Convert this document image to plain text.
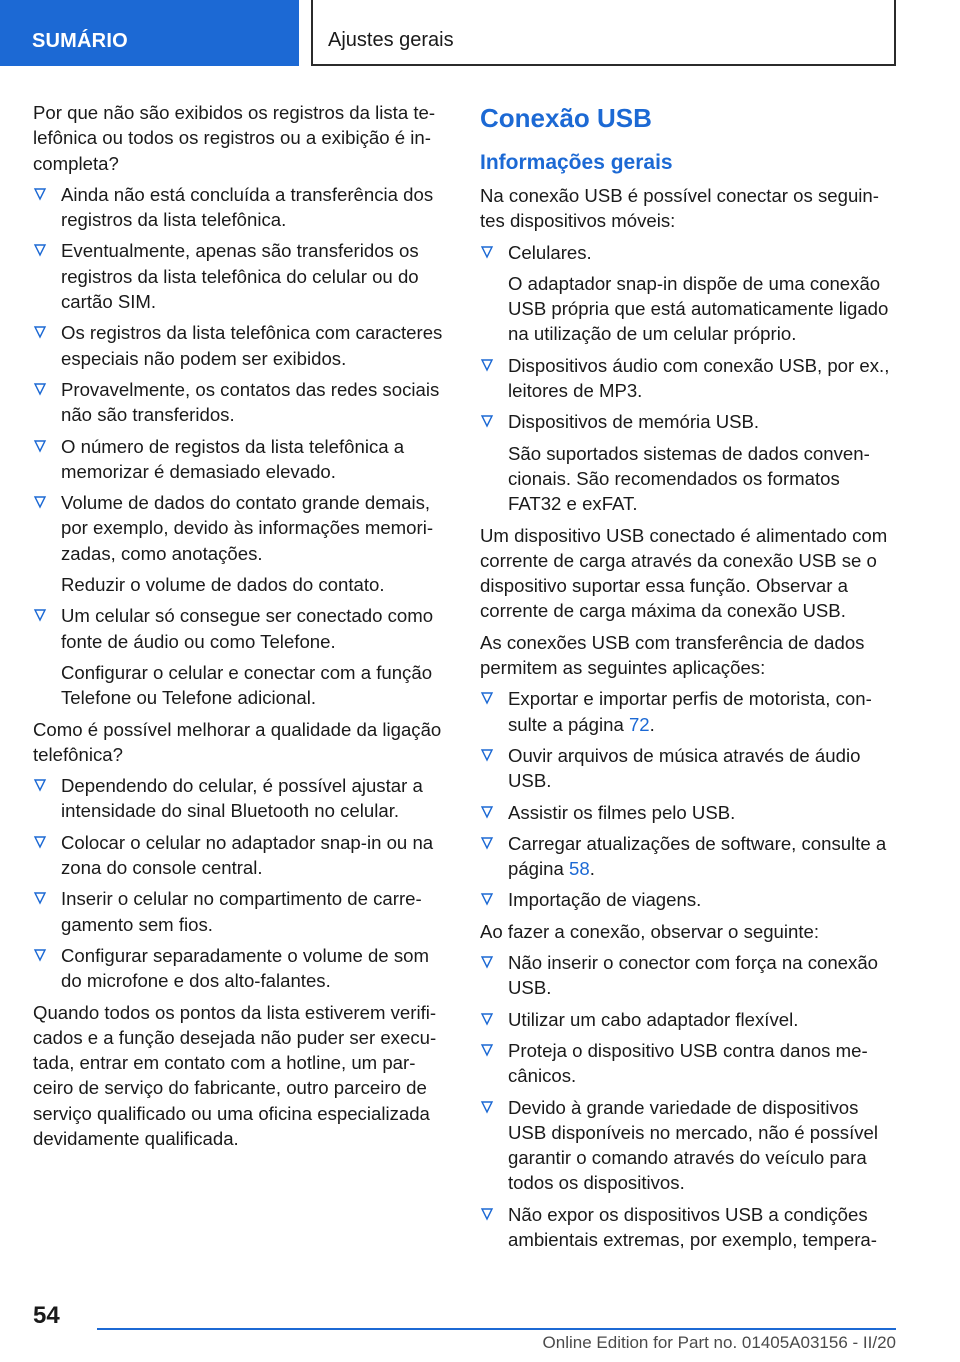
SUMÁRIO	Ajustes gerais

Por que não são exibidos os registros da lista telefônica ou todos os registros ou a exibição é incompleta?

Ainda não está concluída a transferência dos registros da lista telefônica.
Eventualmente, apenas são transferidos os registros da lista telefônica do celular ou do cartão SIM.
Os registros da lista telefônica com caracteres especiais não podem ser exibidos.
Provavelmente, os contatos das redes sociais não são transferidos.
O número de registos da lista telefônica a memorizar é demasiado elevado.
Volume de dados do contato grande demais, por exemplo, devido às informações memorizadas, como anotações.
Reduzir o volume de dados do contato.
Um celular só consegue ser conectado como fonte de áudio ou como Telefone.
Configurar o celular e conectar com a função Telefone ou Telefone adicional.

Como é possível melhorar a qualidade da ligação telefônica?

Dependendo do celular, é possível ajustar a intensidade do sinal Bluetooth no celular.
Colocar o celular no adaptador snap-in ou na zona do console central.
Inserir o celular no compartimento de carregamento sem fios.
Configurar separadamente o volume de som do microfone e dos alto-falantes.

Quando todos os pontos da lista estiverem verificados e a função desejada não puder ser executada, entrar em contato com a hotline, um parceiro de serviço do fabricante, outro parceiro de serviço qualificado ou uma oficina especializada devidamente qualificada.

Conexão USB
Informações gerais

Na conexão USB é possível conectar os seguintes dispositivos móveis:

Celulares.
O adaptador snap-in dispõe de uma conexão USB própria que está automaticamente ligado na utilização de um celular próprio.
Dispositivos áudio com conexão USB, por ex., leitores de MP3.
Dispositivos de memória USB.
São suportados sistemas de dados convencionais. São recomendados os formatos FAT32 e exFAT.

Um dispositivo USB conectado é alimentado com corrente de carga através da conexão USB se o dispositivo suportar essa função. Observar a corrente de carga máxima da conexão USB.

As conexões USB com transferência de dados permitem as seguintes aplicações:

Exportar e importar perfis de motorista, consulte a página 72.
Ouvir arquivos de música através de áudio USB.
Assistir os filmes pelo USB.
Carregar atualizações de software, consulte a página 58.
Importação de viagens.

Ao fazer a conexão, observar o seguinte:

Não inserir o conector com força na conexão USB.
Utilizar um cabo adaptador flexível.
Proteja o dispositivo USB contra danos mecânicos.
Devido à grande variedade de dispositivos USB disponíveis no mercado, não é possível garantir o comando através do veículo para todos os dispositivos.
Não expor os dispositivos USB a condições ambientais extremas, por exemplo, tempera-
54
Online Edition for Part no. 01405A03156 - II/20
